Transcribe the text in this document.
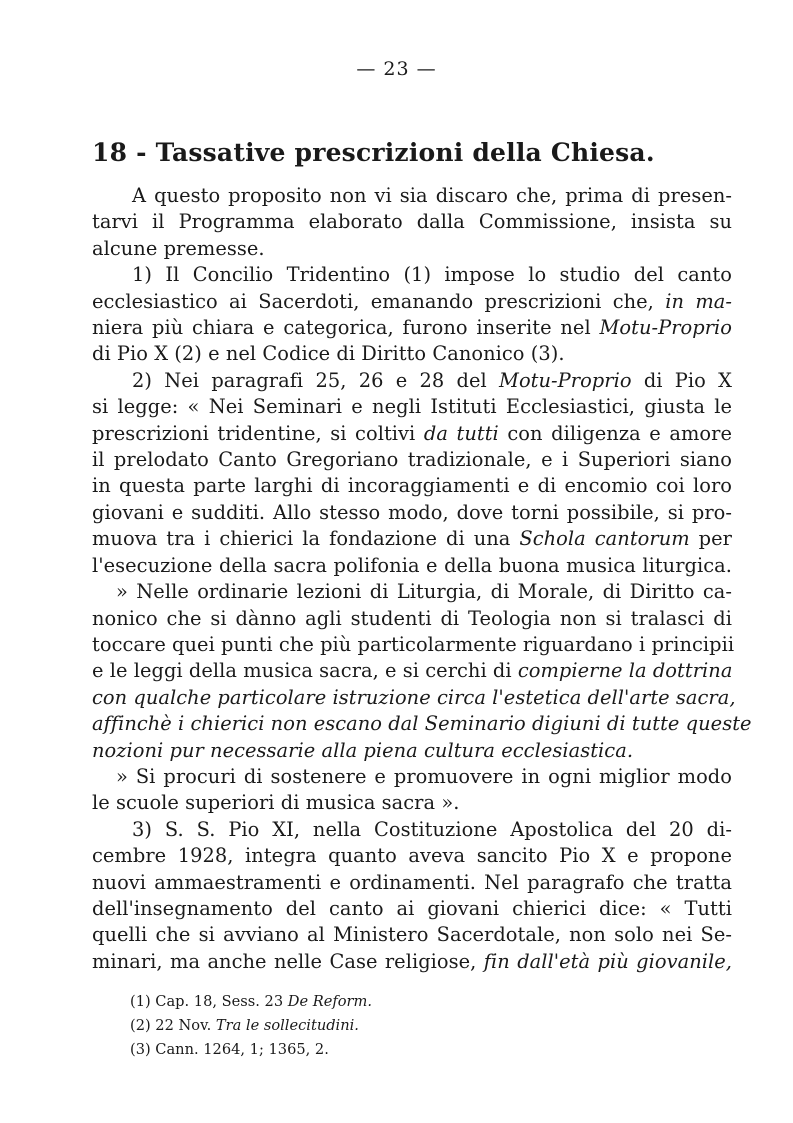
— 23 —
18 - Tassative prescrizioni della Chiesa.
A questo proposito non vi sia discaro che, prima di presen-
tarvi il Programma elaborato dalla Commissione, insista su
alcune premesse.
1) Il Concilio Tridentino (1) impose lo studio del canto
ecclesiastico ai Sacerdoti, emanando prescrizioni che, in ma-
niera più chiara e categorica, furono inserite nel Motu-Proprio
di Pio X (2) e nel Codice di Diritto Canonico (3).
2) Nei paragrafi 25, 26 e 28 del Motu-Proprio di Pio X
si legge: « Nei Seminari e negli Istituti Ecclesiastici, giusta le
prescrizioni tridentine, si coltivi da tutti con diligenza e amore
il prelodato Canto Gregoriano tradizionale, e i Superiori siano
in questa parte larghi di incoraggiamenti e di encomio coi loro
giovani e sudditi. Allo stesso modo, dove torni possibile, si pro-
muova tra i chierici la fondazione di una Schola cantorum per
l'esecuzione della sacra polifonia e della buona musica liturgica.
» Nelle ordinarie lezioni di Liturgia, di Morale, di Diritto ca-
nonico che si dànno agli studenti di Teologia non si tralasci di
toccare quei punti che più particolarmente riguardano i principii
e le leggi della musica sacra, e si cerchi di compierne la dottrina
con qualche particolare istruzione circa l'estetica dell'arte sacra,
affinchè i chierici non escano dal Seminario digiuni di tutte queste
nozioni pur necessarie alla piena cultura ecclesiastica.
» Si procuri di sostenere e promuovere in ogni miglior modo
le scuole superiori di musica sacra ».
3) S. S. Pio XI, nella Costituzione Apostolica del 20 di-
cembre 1928, integra quanto aveva sancito Pio X e propone
nuovi ammaestramenti e ordinamenti. Nel paragrafo che tratta
dell'insegnamento del canto ai giovani chierici dice: « Tutti
quelli che si avviano al Ministero Sacerdotale, non solo nei Se-
minari, ma anche nelle Case religiose, fin dall'età più giovanile,
(1) Cap. 18, Sess. 23 De Reform.
(2) 22 Nov. Tra le sollecitudini.
(3) Cann. 1264, 1; 1365, 2.
